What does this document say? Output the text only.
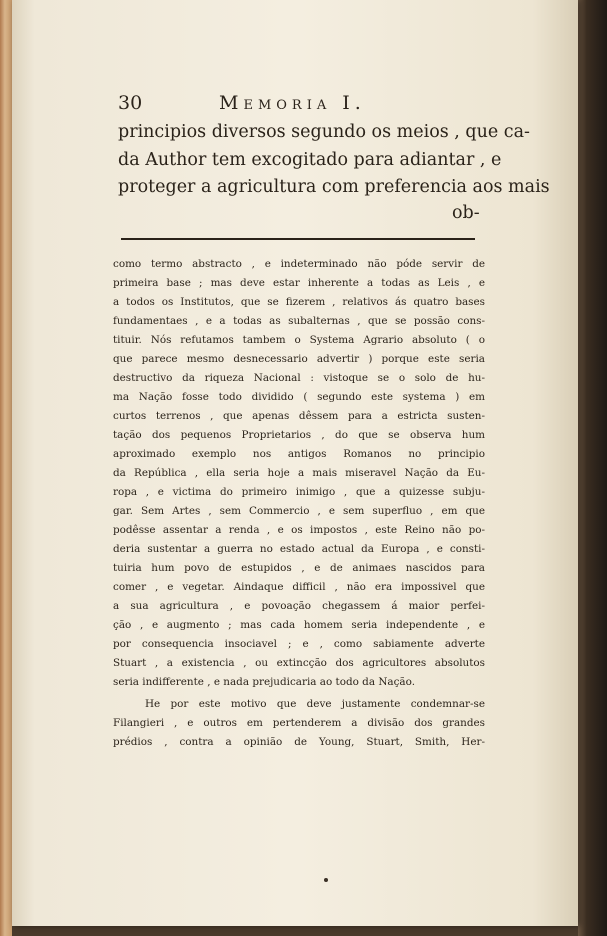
30	Memoria I.
principios diversos segundo os meios , que ca-
da Author tem excogitado para adiantar , e
proteger a agricultura com preferencia aos mais
ob-
como termo abstracto , e indeterminado não póde servir de
primeira base ; mas deve estar inherente a todas as Leis , e
a todos os Institutos, que se fizerem , relativos ás quatro bases
fundamentaes , e a todas as subalternas , que se possão cons-
tituir. Nós refutamos tambem o Systema Agrario absoluto ( o
que parece mesmo desnecessario advertir ) porque este seria
destructivo da riqueza Nacional : vistoque se o solo de hu-
ma Nação fosse todo dividido ( segundo este systema ) em
curtos terrenos , que apenas dêssem para a estricta susten-
tação dos pequenos Proprietarios , do que se observa hum
aproximado exemplo nos antigos Romanos no principio
da República , ella seria hoje a mais miseravel Nação da Eu-
ropa , e victima do primeiro inimigo , que a quizesse subju-
gar. Sem Artes , sem Commercio , e sem superfluo , em que
podêsse assentar a renda , e os impostos , este Reino não po-
deria sustentar a guerra no estado actual da Europa , e consti-
tuiria hum povo de estupidos , e de animaes nascidos para
comer , e vegetar. Aindaque difficil , não era impossivel que
a sua agricultura , e povoação chegassem á maior perfei-
ção , e augmento ; mas cada homem seria independente , e
por consequencia insociavel ; e , como sabiamente adverte
Stuart , a existencia , ou extincção dos agricultores absolutos
seria indifferente , e nada prejudicaria ao todo da Nação.
He por este motivo que deve justamente condemnar-se
Filangieri , e outros em pertenderem a divisão dos grandes
prédios , contra a opinião de Young, Stuart, Smith, Her-
